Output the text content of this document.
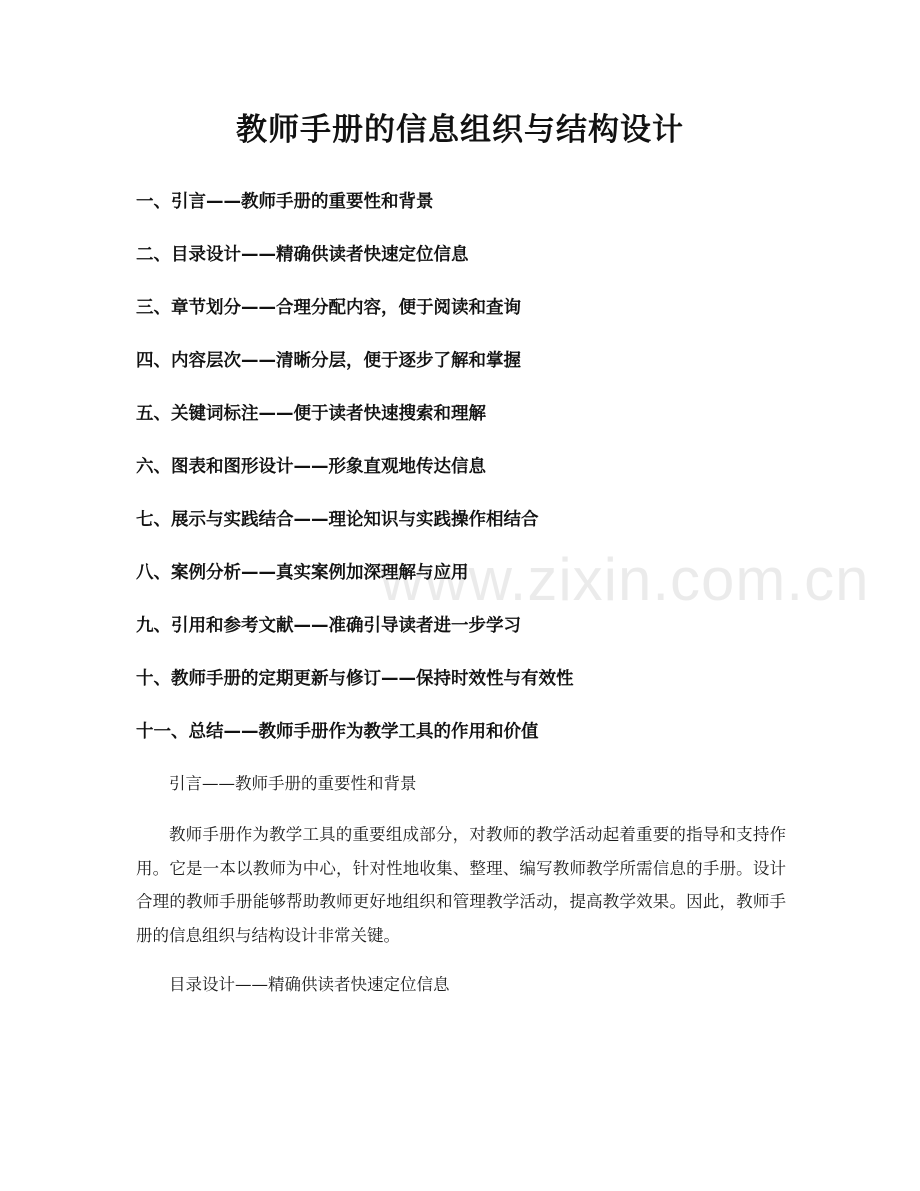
www.zixin.com.cn
教师手册的信息组织与结构设计
一、引言——教师手册的重要性和背景
二、目录设计——精确供读者快速定位信息
三、章节划分——合理分配内容，便于阅读和查询
四、内容层次——清晰分层，便于逐步了解和掌握
五、关键词标注——便于读者快速搜索和理解
六、图表和图形设计——形象直观地传达信息
七、展示与实践结合——理论知识与实践操作相结合
八、案例分析——真实案例加深理解与应用
九、引用和参考文献——准确引导读者进一步学习
十、教师手册的定期更新与修订——保持时效性与有效性
十一、总结——教师手册作为教学工具的作用和价值

引言——教师手册的重要性和背景

教师手册作为教学工具的重要组成部分，对教师的教学活动起着重要的指导和支持作用。它是一本以教师为中心，针对性地收集、整理、编写教师教学所需信息的手册。设计合理的教师手册能够帮助教师更好地组织和管理教学活动，提高教学效果。因此，教师手册的信息组织与结构设计非常关键。

目录设计——精确供读者快速定位信息
